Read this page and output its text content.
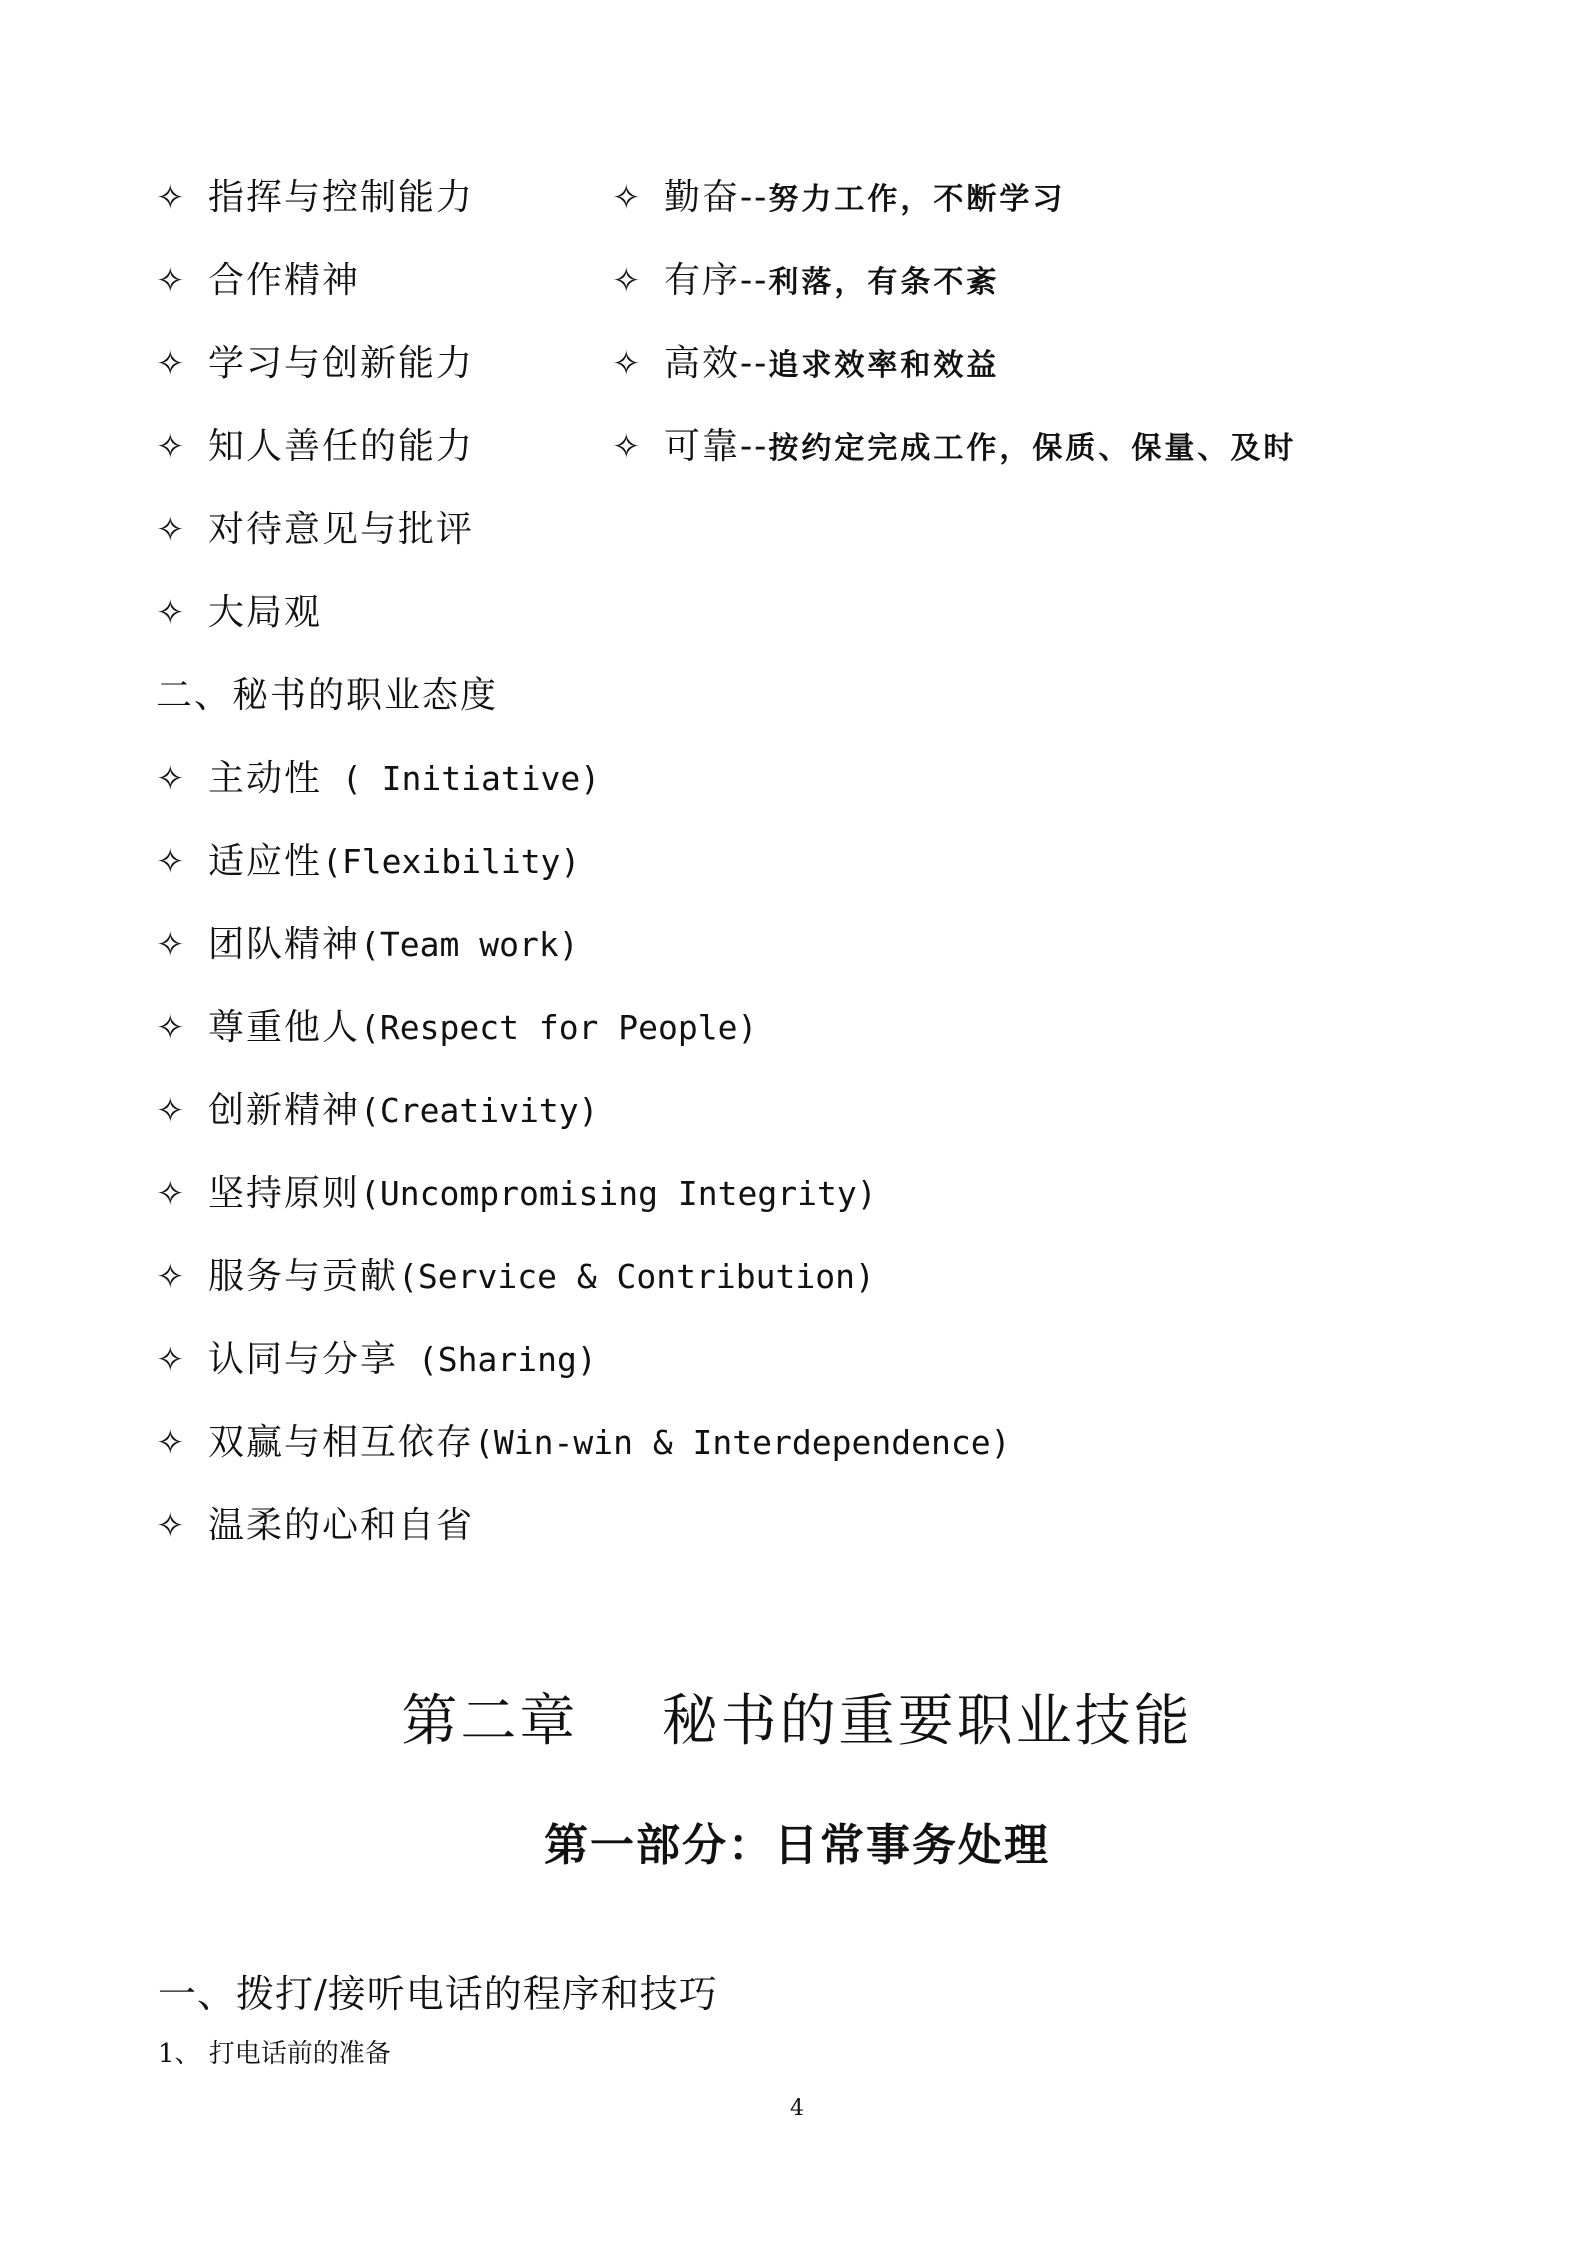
✧ 指挥与控制能力
✧ 合作精神
✧ 学习与创新能力
✧ 知人善任的能力
✧ 对待意见与批评
✧ 大局观
✧ 勤奋--努力工作，不断学习
✧ 有序--利落，有条不紊
✧ 高效--追求效率和效益
✧ 可靠--按约定完成工作，保质、保量、及时
二、秘书的职业态度
✧ 主动性 ( Initiative)
✧ 适应性(Flexibility)
✧ 团队精神(Team work)
✧ 尊重他人(Respect for People)
✧ 创新精神(Creativity)
✧ 坚持原则(Uncompromising Integrity)
✧ 服务与贡献(Service & Contribution)
✧ 认同与分享 (Sharing)
✧ 双赢与相互依存(Win-win & Interdependence)
✧ 温柔的心和自省
第二章    秘书的重要职业技能
第一部分：日常事务处理
一、拨打/接听电话的程序和技巧
1、 打电话前的准备
4
